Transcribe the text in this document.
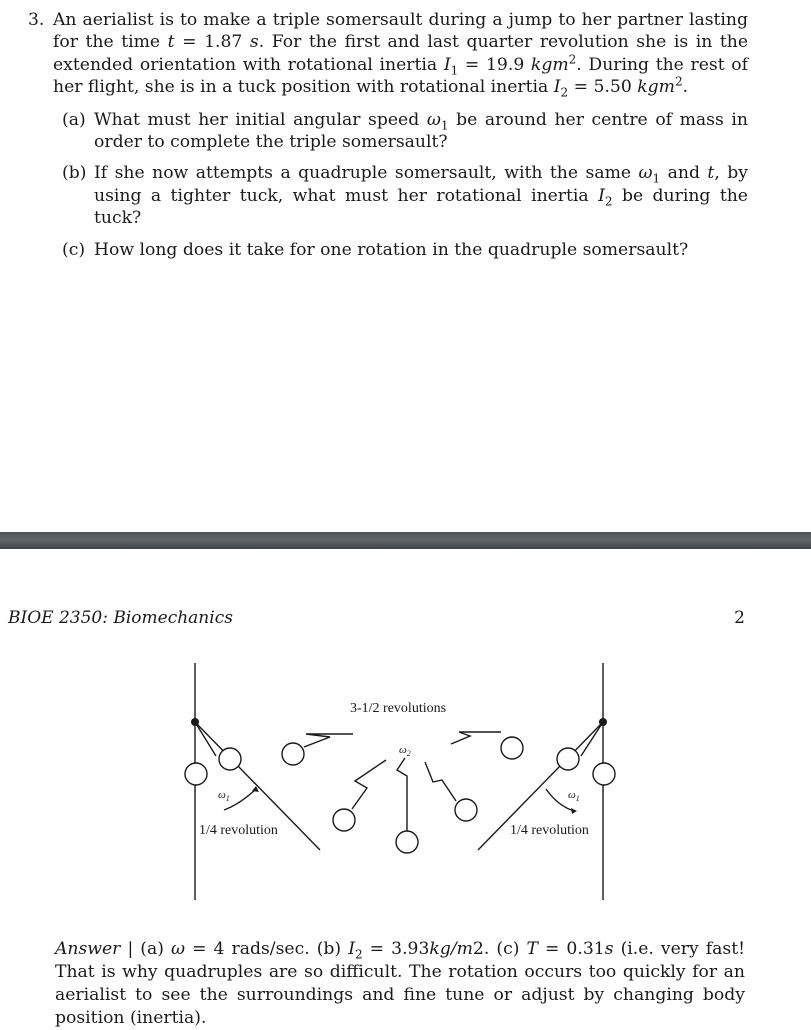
3. An aerialist is to make a triple somersault during a jump to her partner lasting for the time t = 1.87 s. For the first and last quarter revolution she is in the extended orientation with rotational inertia $I_1 = 19.9$ kgm$^2$. During the rest of her flight, she is in a tuck position with rotational inertia $I_2 = 5.50$ kgm$^2$.
(a) What must her initial angular speed $\omega_1$ be around her centre of mass in order to complete the triple somersault?
(b) If she now attempts a quadruple somersault, with the same $\omega_1$ and t, by using a tighter tuck, what must her rotational inertia $I_2$ be during the tuck?
(c) How long does it take for one rotation in the quadruple somersault?
BIOE 2350: Biomechanics	2
3-1/2 revolutions
$\omega_2$
$\omega_1$	$\omega_1$
1/4 revolution	1/4 revolution
Answer | (a) ω = 4 rads/sec. (b) $I_2 = 3.93kg/m2$. (c) T = 0.31s (i.e. very fast! That is why quadruples are so difficult. The rotation occurs too quickly for an aerialist to see the surroundings and fine tune or adjust by changing body position (inertia).
